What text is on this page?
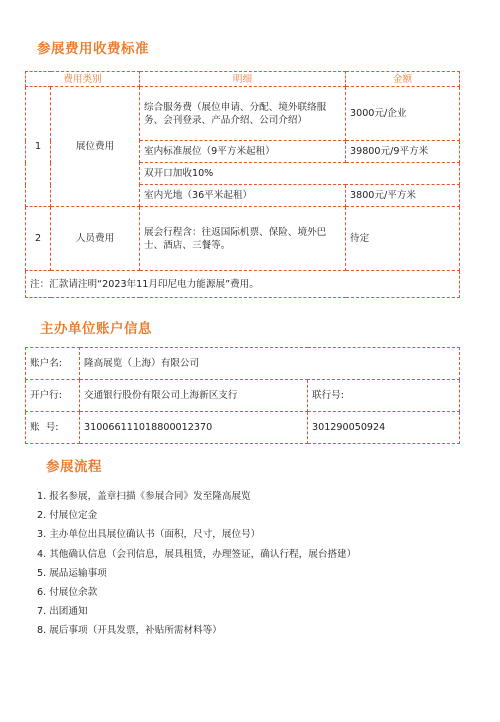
参展费用收费标准
费用类别		明细	金额
1	展位费用	综合服务费（展位申请、分配、境外联络服务、会刊登录、产品介绍、公司介绍）	3000元/企业
		室内标准展位（9平方米起租）	39800元/9平方米
		双开口加收10%	
		室内光地（36平米起租）	3800元/平方米
2	人员费用	展会行程含：往返国际机票、保险、境外巴士、酒店、三餐等。	待定
注：汇款请注明“2023年11月印尼电力能源展”费用。			
主办单位账户信息
账户名:	隆高展览（上海）有限公司	
开户行:	交通银行股份有限公司上海新区支行	联行号:
账  号:	310066111018800012370	301290050924
参展流程
1. 报名参展，盖章扫描《参展合同》发至隆高展览
2. 付展位定金
3. 主办单位出具展位确认书（面积，尺寸，展位号）
4. 其他确认信息（会刊信息，展具租赁，办理签证，确认行程，展台搭建）
5. 展品运输事项
6. 付展位余款
7. 出团通知
8. 展后事项（开具发票，补贴所需材料等）
